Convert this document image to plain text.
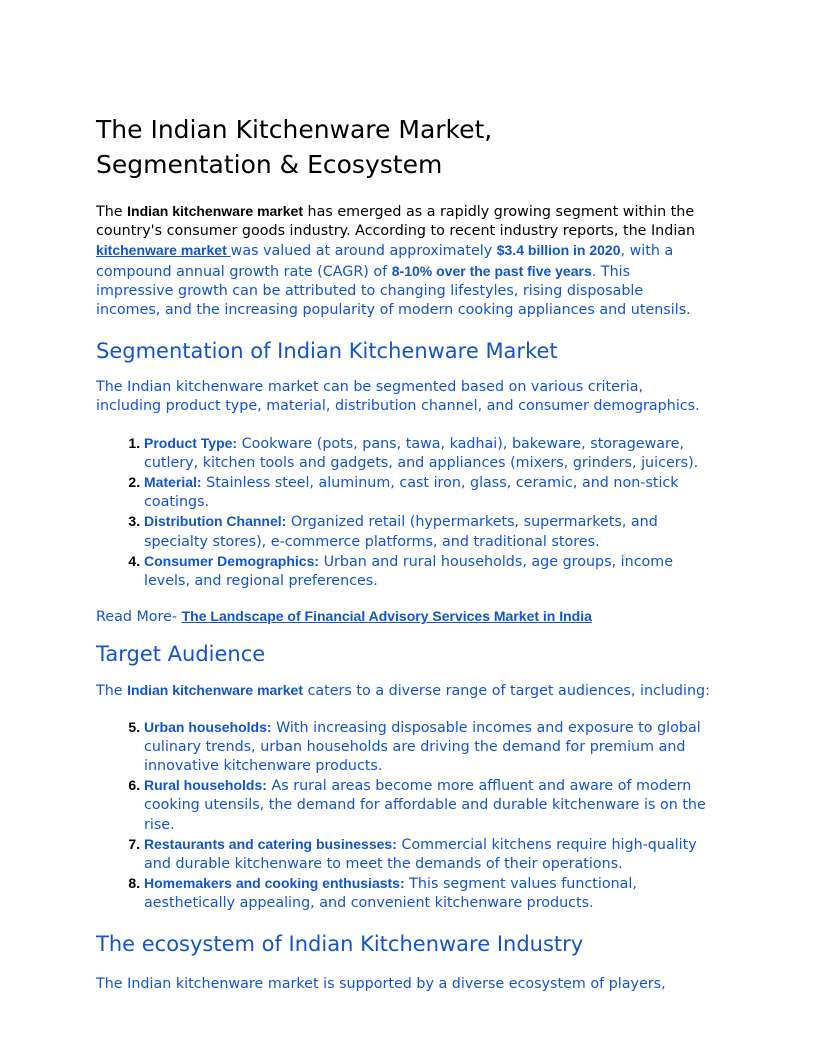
The Indian Kitchenware Market,
Segmentation & Ecosystem

The Indian kitchenware market has emerged as a rapidly growing segment within the country's consumer goods industry. According to recent industry reports, the Indian kitchenware market was valued at around approximately $3.4 billion in 2020, with a compound annual growth rate (CAGR) of 8-10% over the past five years. This impressive growth can be attributed to changing lifestyles, rising disposable incomes, and the increasing popularity of modern cooking appliances and utensils.

Segmentation of Indian Kitchenware Market

The Indian kitchenware market can be segmented based on various criteria, including product type, material, distribution channel, and consumer demographics.

1. Product Type: Cookware (pots, pans, tawa, kadhai), bakeware, storageware, cutlery, kitchen tools and gadgets, and appliances (mixers, grinders, juicers).
2. Material: Stainless steel, aluminum, cast iron, glass, ceramic, and non-stick coatings.
3. Distribution Channel: Organized retail (hypermarkets, supermarkets, and specialty stores), e-commerce platforms, and traditional stores.
4. Consumer Demographics: Urban and rural households, age groups, income levels, and regional preferences.

Read More- The Landscape of Financial Advisory Services Market in India

Target Audience

The Indian kitchenware market caters to a diverse range of target audiences, including:

5. Urban households: With increasing disposable incomes and exposure to global culinary trends, urban households are driving the demand for premium and innovative kitchenware products.
6. Rural households: As rural areas become more affluent and aware of modern cooking utensils, the demand for affordable and durable kitchenware is on the rise.
7. Restaurants and catering businesses: Commercial kitchens require high-quality and durable kitchenware to meet the demands of their operations.
8. Homemakers and cooking enthusiasts: This segment values functional, aesthetically appealing, and convenient kitchenware products.
The ecosystem of Indian Kitchenware Industry

The Indian kitchenware market is supported by a diverse ecosystem of players,
